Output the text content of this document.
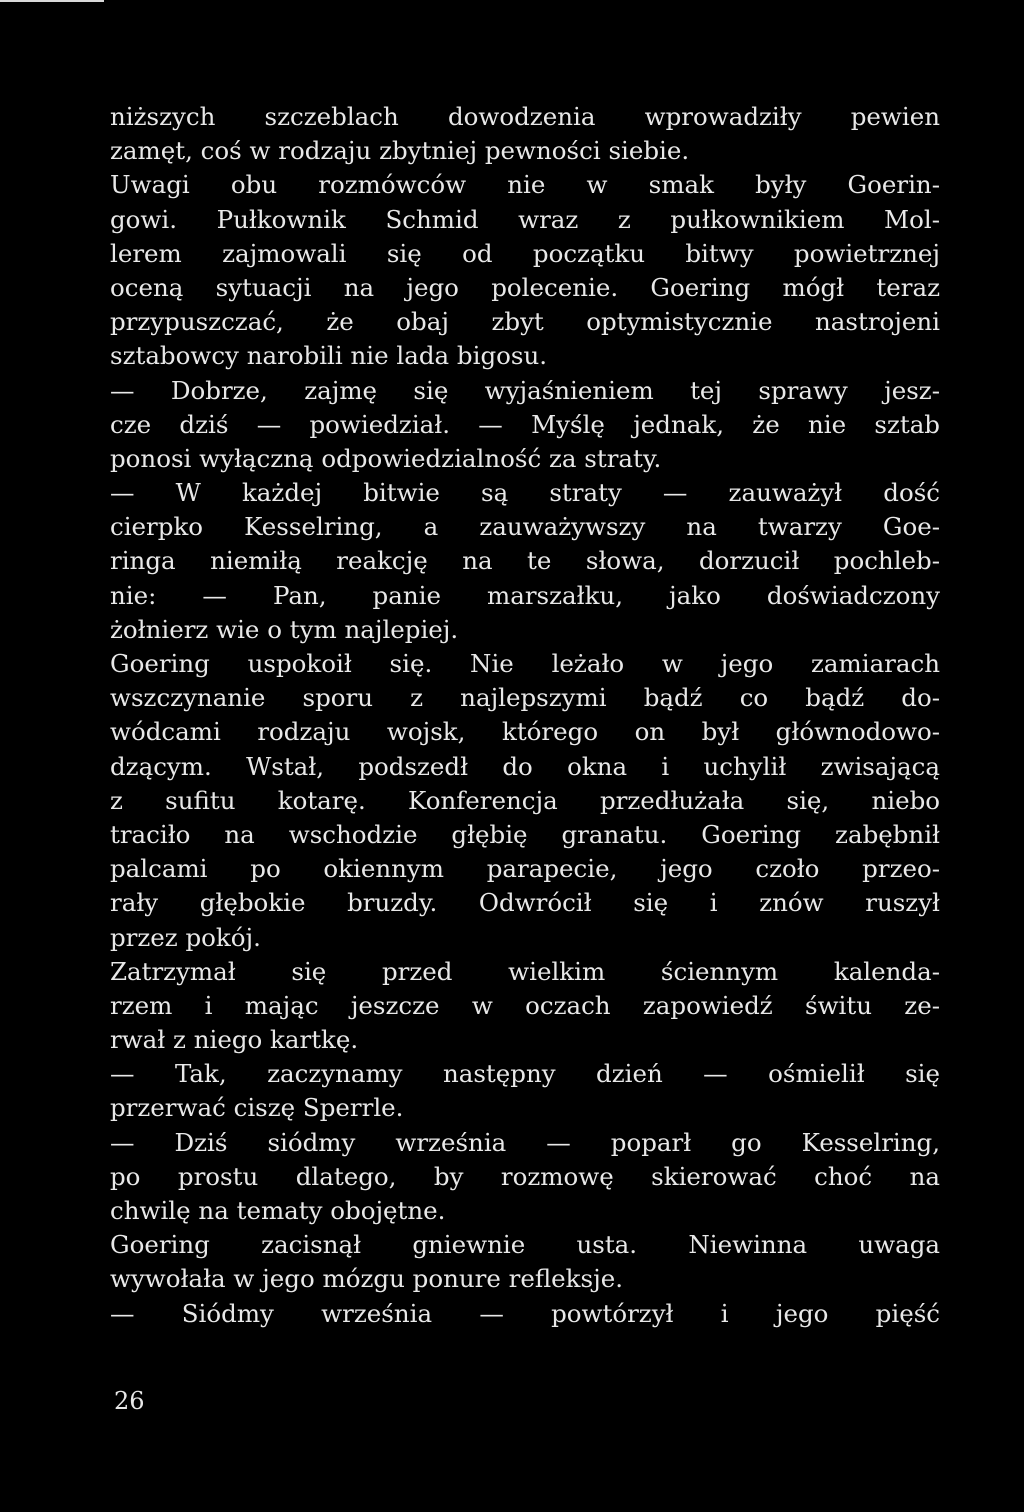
niższych szczeblach dowodzenia wprowadziły pewien
zamęt, coś w rodzaju zbytniej pewności siebie.
Uwagi obu rozmówców nie w smak były Goerin-
gowi. Pułkownik Schmid wraz z pułkownikiem Mol-
lerem zajmowali się od początku bitwy powietrznej
oceną sytuacji na jego polecenie. Goering mógł teraz
przypuszczać, że obaj zbyt optymistycznie nastrojeni
sztabowcy narobili nie lada bigosu.
— Dobrze, zajmę się wyjaśnieniem tej sprawy jesz-
cze dziś — powiedział. — Myślę jednak, że nie sztab
ponosi wyłączną odpowiedzialność za straty.
— W każdej bitwie są straty — zauważył dość
cierpko Kesselring, a zauważywszy na twarzy Goe-
ringa niemiłą reakcję na te słowa, dorzucił pochleb-
nie: — Pan, panie marszałku, jako doświadczony
żołnierz wie o tym najlepiej.
Goering uspokoił się. Nie leżało w jego zamiarach
wszczynanie sporu z najlepszymi bądź co bądź do-
wódcami rodzaju wojsk, którego on był głównodowo-
dzącym. Wstał, podszedł do okna i uchylił zwisającą
z sufitu kotarę. Konferencja przedłużała się, niebo
traciło na wschodzie głębię granatu. Goering zabębnił
palcami po okiennym parapecie, jego czoło przeo-
rały głębokie bruzdy. Odwrócił się i znów ruszył
przez pokój.
Zatrzymał się przed wielkim ściennym kalenda-
rzem i mając jeszcze w oczach zapowiedź świtu ze-
rwał z niego kartkę.
— Tak, zaczynamy następny dzień — ośmielił się
przerwać ciszę Sperrle.
— Dziś siódmy września — poparł go Kesselring,
po prostu dlatego, by rozmowę skierować choć na
chwilę na tematy obojętne.
Goering zacisnął gniewnie usta. Niewinna uwaga
wywołała w jego mózgu ponure refleksje.
— Siódmy września — powtórzył i jego pięść
26
